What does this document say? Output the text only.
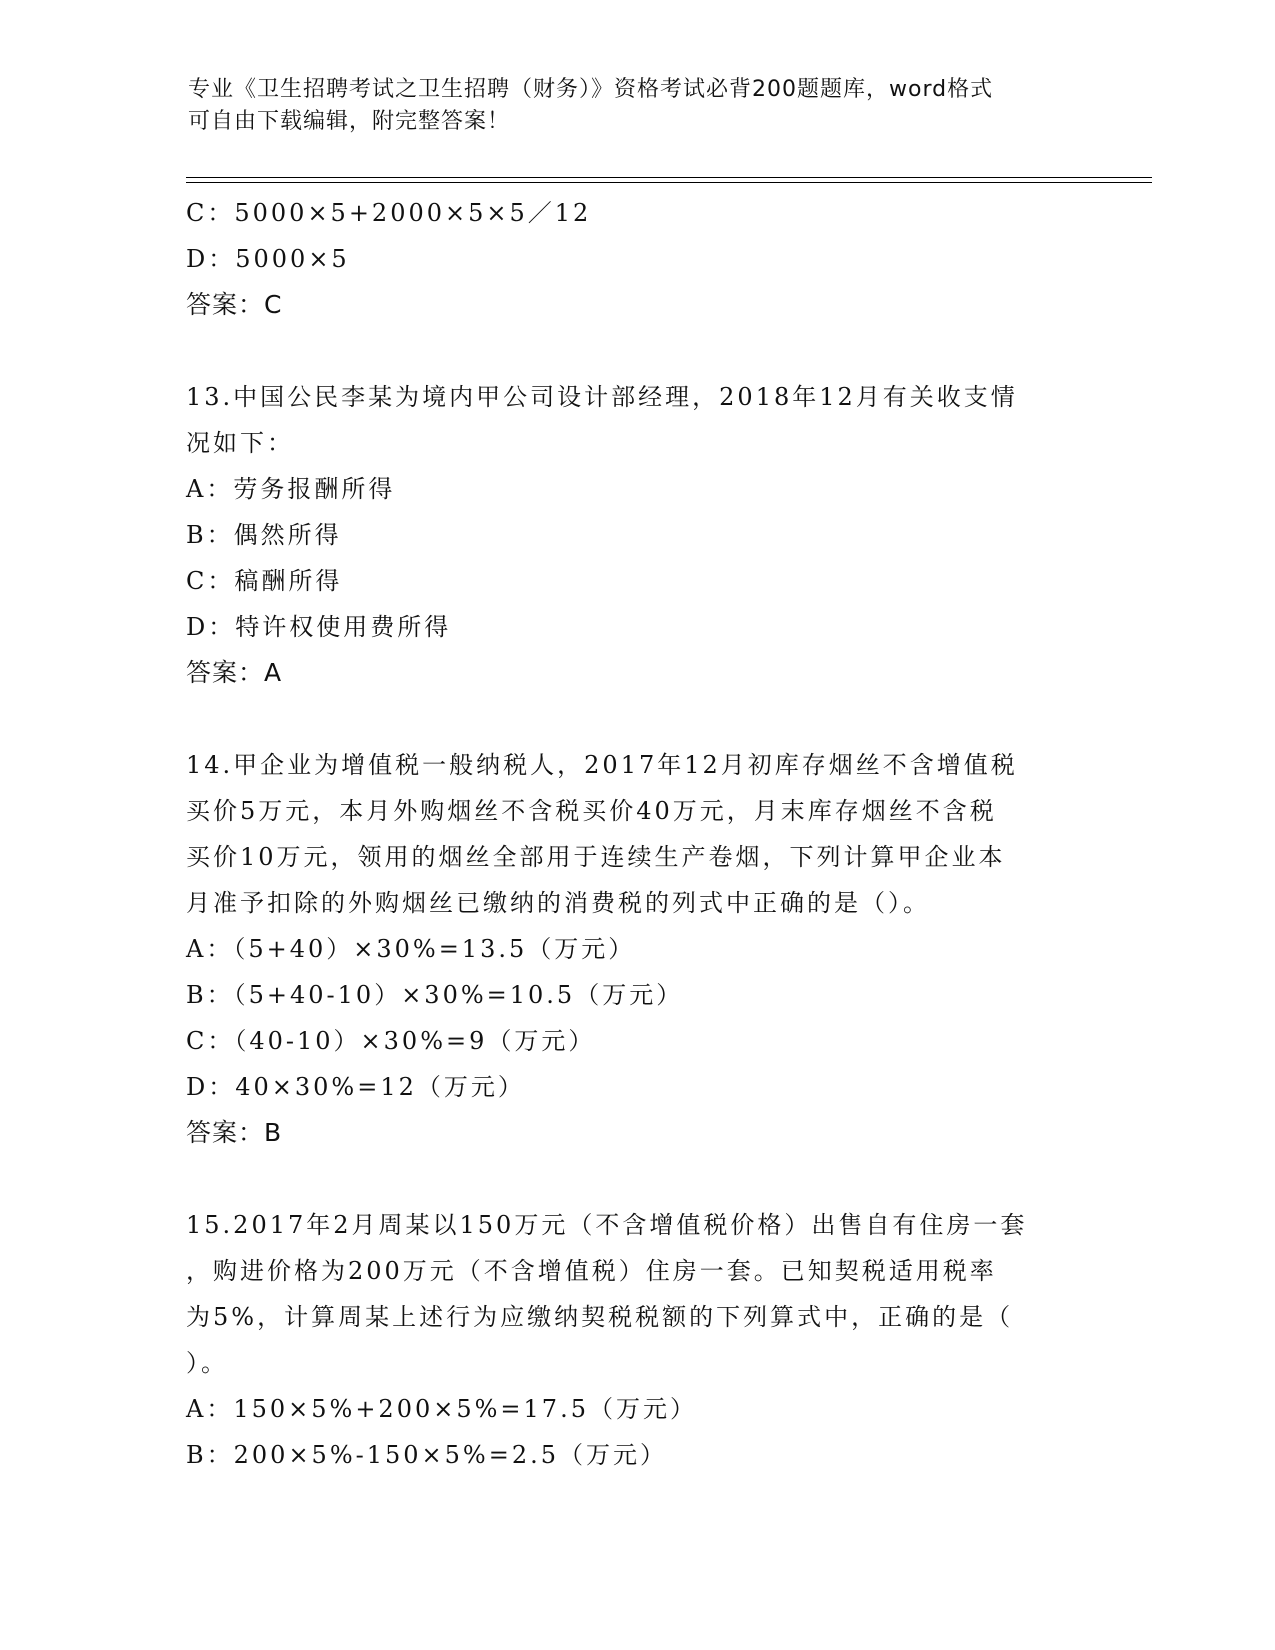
专业《卫生招聘考试之卫生招聘（财务）》资格考试必背200题题库，word格式
可自由下载编辑，附完整答案！
C：5000×5+2000×5×5／12
D：5000×5
答案：C
13.中国公民李某为境内甲公司设计部经理，2018年12月有关收支情
况如下：
A：劳务报酬所得
B：偶然所得
C：稿酬所得
D：特许权使用费所得
答案：A
14.甲企业为增值税一般纳税人，2017年12月初库存烟丝不含增值税
买价5万元，本月外购烟丝不含税买价40万元，月末库存烟丝不含税
买价10万元，领用的烟丝全部用于连续生产卷烟，下列计算甲企业本
月准予扣除的外购烟丝已缴纳的消费税的列式中正确的是（）。
A：（5+40）×30%=13.5（万元）
B：（5+40-10）×30%=10.5（万元）
C：（40-10）×30%=9（万元）
D：40×30%=12（万元）
答案：B
15.2017年2月周某以150万元（不含增值税价格）出售自有住房一套
，购进价格为200万元（不含增值税）住房一套。已知契税适用税率
为5%，计算周某上述行为应缴纳契税税额的下列算式中，正确的是（
）。
A：150×5%+200×5%=17.5（万元）
B：200×5%-150×5%=2.5（万元）
